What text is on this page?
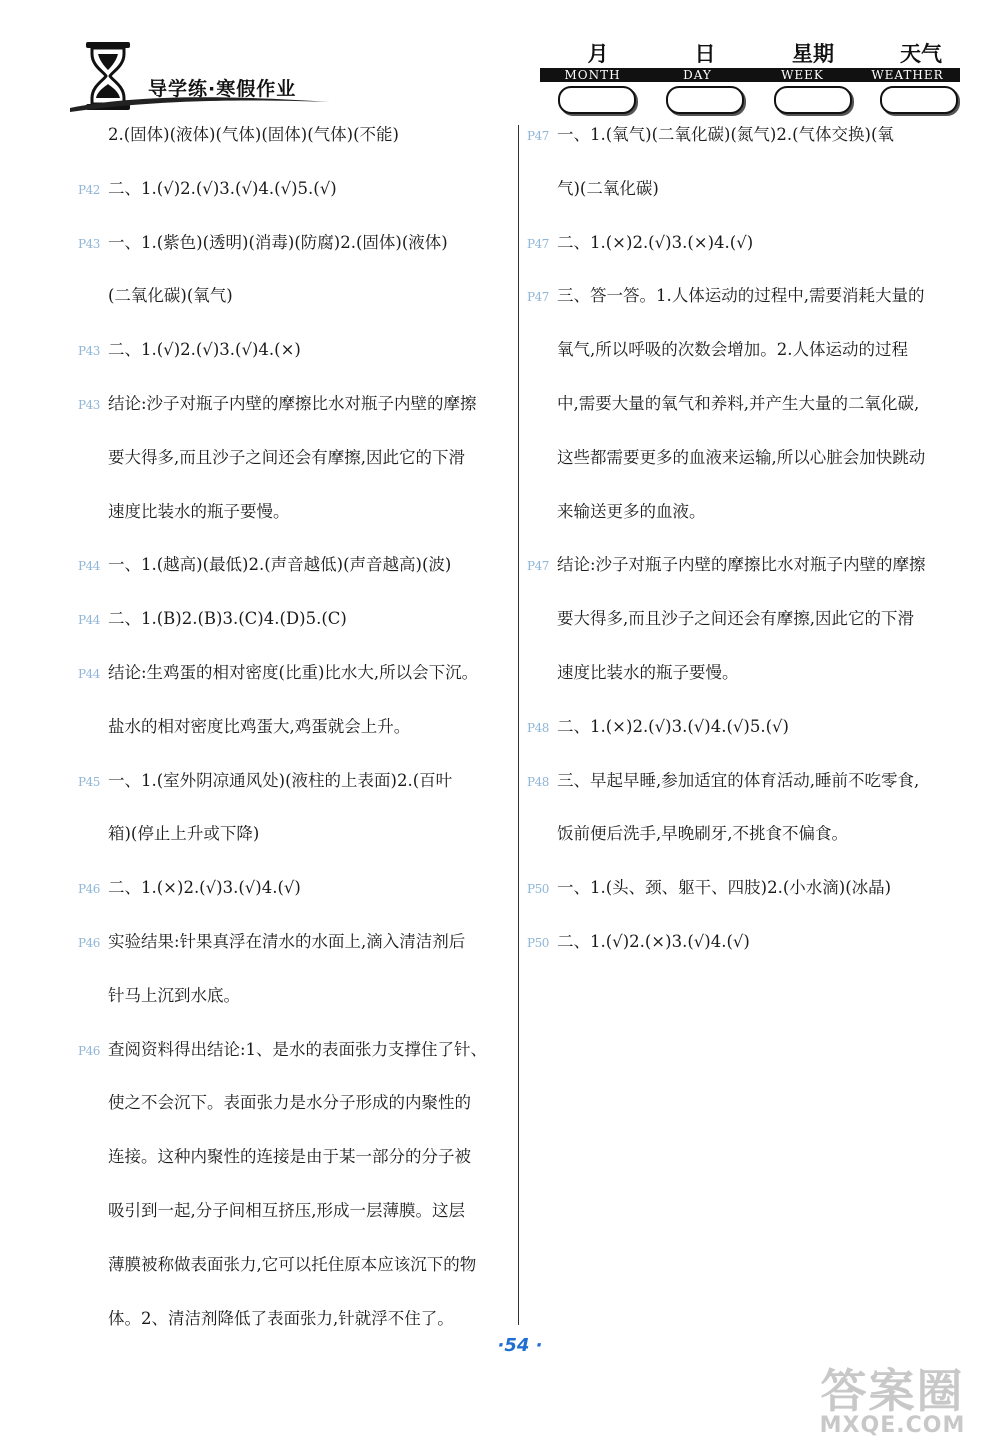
导学练·寒假作业
月	日	星期	天气
MONTH	DAY	WEEK	WEATHER
2.(固体)(液体)(气体)(固体)(气体)(不能)
P42 二、1.(√)2.(√)3.(√)4.(√)5.(√)
P43 一、1.(紫色)(透明)(消毒)(防腐)2.(固体)(液体)
(二氧化碳)(氧气)
P43 二、1.(√)2.(√)3.(√)4.(×)
P43 结论:沙子对瓶子内壁的摩擦比水对瓶子内壁的摩擦
要大得多,而且沙子之间还会有摩擦,因此它的下滑
速度比装水的瓶子要慢。
P44 一、1.(越高)(最低)2.(声音越低)(声音越高)(波)
P44 二、1.(B)2.(B)3.(C)4.(D)5.(C)
P44 结论:生鸡蛋的相对密度(比重)比水大,所以会下沉。
盐水的相对密度比鸡蛋大,鸡蛋就会上升。
P45 一、1.(室外阴凉通风处)(液柱的上表面)2.(百叶
箱)(停止上升或下降)
P46 二、1.(×)2.(√)3.(√)4.(√)
P46 实验结果:针果真浮在清水的水面上,滴入清洁剂后
针马上沉到水底。
P46 查阅资料得出结论:1、是水的表面张力支撑住了针、
使之不会沉下。表面张力是水分子形成的内聚性的
连接。这种内聚性的连接是由于某一部分的分子被
吸引到一起,分子间相互挤压,形成一层薄膜。这层
薄膜被称做表面张力,它可以托住原本应该沉下的物
体。2、清洁剂降低了表面张力,针就浮不住了。
P47 一、1.(氧气)(二氧化碳)(氮气)2.(气体交换)(氧
气)(二氧化碳)
P47 二、1.(×)2.(√)3.(×)4.(√)
P47 三、答一答。1.人体运动的过程中,需要消耗大量的
氧气,所以呼吸的次数会增加。2.人体运动的过程
中,需要大量的氧气和养料,并产生大量的二氧化碳,
这些都需要更多的血液来运输,所以心脏会加快跳动
来输送更多的血液。
P47 结论:沙子对瓶子内壁的摩擦比水对瓶子内壁的摩擦
要大得多,而且沙子之间还会有摩擦,因此它的下滑
速度比装水的瓶子要慢。
P48 二、1.(×)2.(√)3.(√)4.(√)5.(√)
P48 三、早起早睡,参加适宜的体育活动,睡前不吃零食,
饭前便后洗手,早晚刷牙,不挑食不偏食。
P50 一、1.(头、颈、躯干、四肢)2.(小水滴)(冰晶)
P50 二、1.(√)2.(×)3.(√)4.(√)
·54 ·
答案圈
MXQE.COM
